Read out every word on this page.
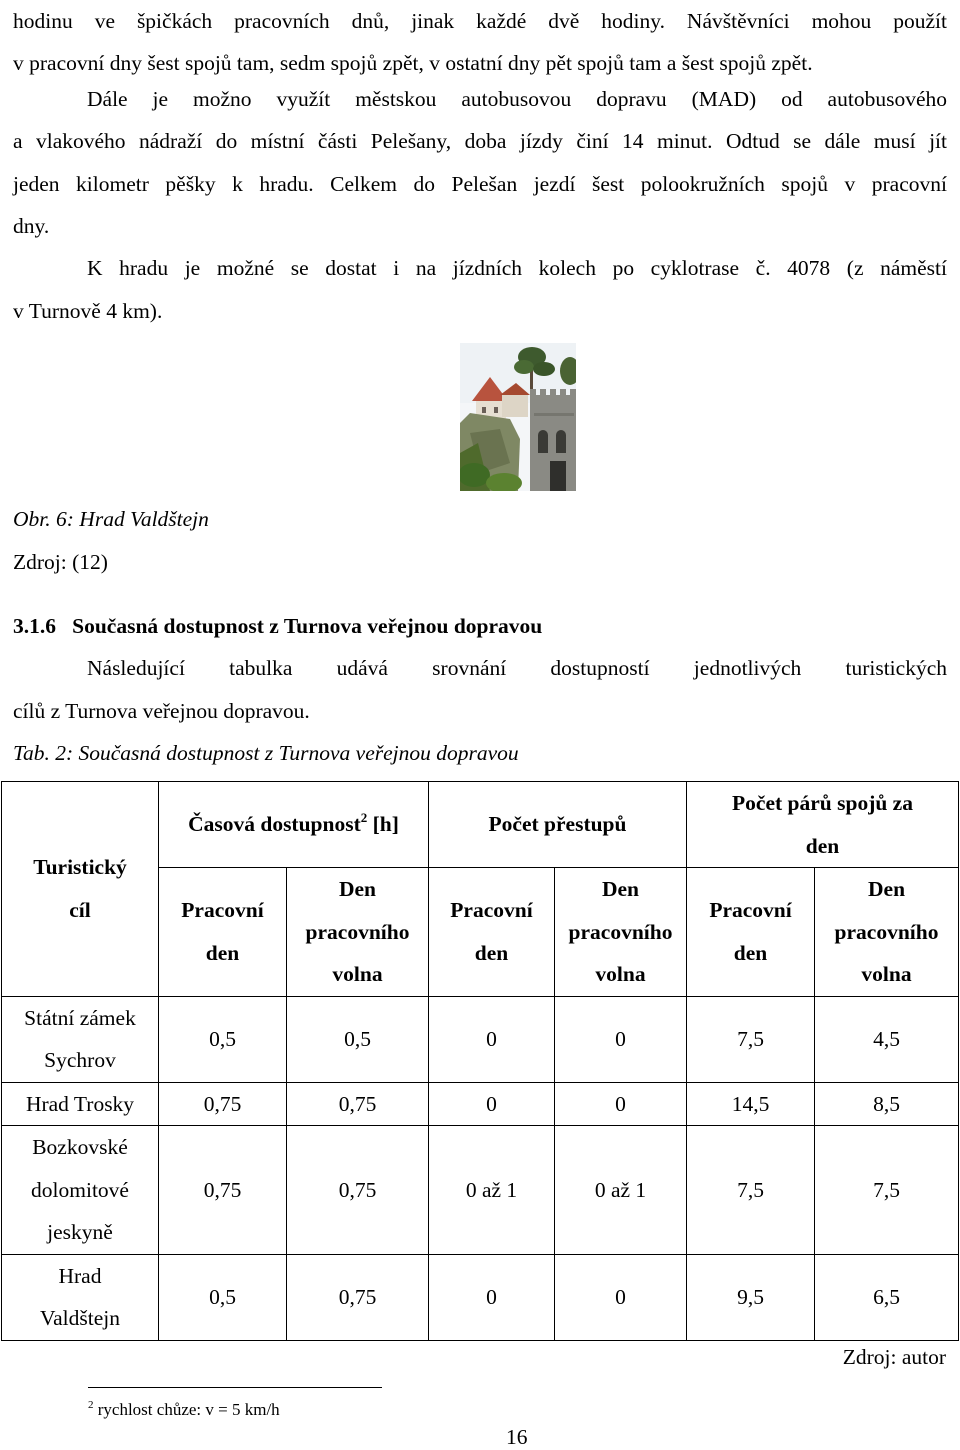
hodinu ve špičkách pracovních dnů, jinak každé dvě hodiny. Návštěvníci mohou použít
v pracovní dny šest spojů tam, sedm spojů zpět, v ostatní dny pět spojů tam a šest spojů zpět.
Dále je možno využít městskou autobusovou dopravu (MAD) od autobusového
a vlakového nádraží do místní části Pelešany, doba jízdy činí 14 minut. Odtud se dále musí jít
jeden kilometr pěšky k hradu. Celkem do Pelešan jezdí šest polookružních spojů v pracovní
dny.
K hradu je možné se dostat i na jízdních kolech po cyklotrase č. 4078 (z náměstí
v Turnově 4 km).
Obr. 6: Hrad Valdštejn
Zdroj: (12)
3.1.6 Současná dostupnost z Turnova veřejnou dopravou
Následující tabulka udává srovnání dostupností jednotlivých turistických
cílů z Turnova veřejnou dopravou.
Tab. 2: Současná dostupnost z Turnova veřejnou dopravou
Turistický cíl	Časová dostupnost$^2$ [h]		Počet přestupů		Počet párů spojů za den	

	Pracovní den	Den pracovního volna	Pracovní den	Den pracovního volna	Pracovní den	Den pracovního volna

Státní zámek Sychrov	0,5	0,5	0	0	7,5	4,5
Hrad Trosky	0,75	0,75	0	0	14,5	8,5

Bozkovské dolomitové jeskyně	0,75	0,75	0 až 1	0 až 1	7,5	7,5

Hrad Valdštejn	0,5	0,75	0	0	9,5	6,5
Zdroj: autor
$^2$ rychlost chůze: v = 5 km/h
16
